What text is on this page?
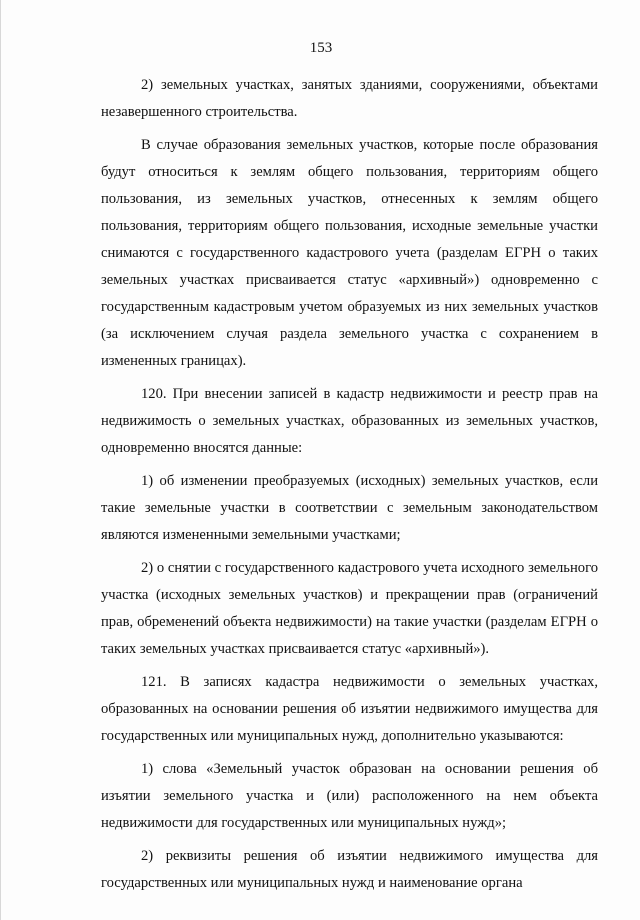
153

2) земельных участках, занятых зданиями, сооружениями, объектами незавершенного строительства.

В случае образования земельных участков, которые после образования будут относиться к землям общего пользования, территориям общего пользования, из земельных участков, отнесенных к землям общего пользования, территориям общего пользования, исходные земельные участки снимаются с государственного кадастрового учета (разделам ЕГРН о таких земельных участках присваивается статус «архивный») одновременно с государственным кадастровым учетом образуемых из них земельных участков (за исключением случая раздела земельного участка с сохранением в измененных границах).

120. При внесении записей в кадастр недвижимости и реестр прав на недвижимость о земельных участках, образованных из земельных участков, одновременно вносятся данные:

1) об изменении преобразуемых (исходных) земельных участков, если такие земельные участки в соответствии с земельным законодательством являются измененными земельными участками;

2) о снятии с государственного кадастрового учета исходного земельного участка (исходных земельных участков) и прекращении прав (ограничений прав, обременений объекта недвижимости) на такие участки (разделам ЕГРН о таких земельных участках присваивается статус «архивный»).

121. В записях кадастра недвижимости о земельных участках, образованных на основании решения об изъятии недвижимого имущества для государственных или муниципальных нужд, дополнительно указываются:

1) слова «Земельный участок образован на основании решения об изъятии земельного участка и (или) расположенного на нем объекта недвижимости для государственных или муниципальных нужд»;

2) реквизиты решения об изъятии недвижимого имущества для государственных или муниципальных нужд и наименование органа
